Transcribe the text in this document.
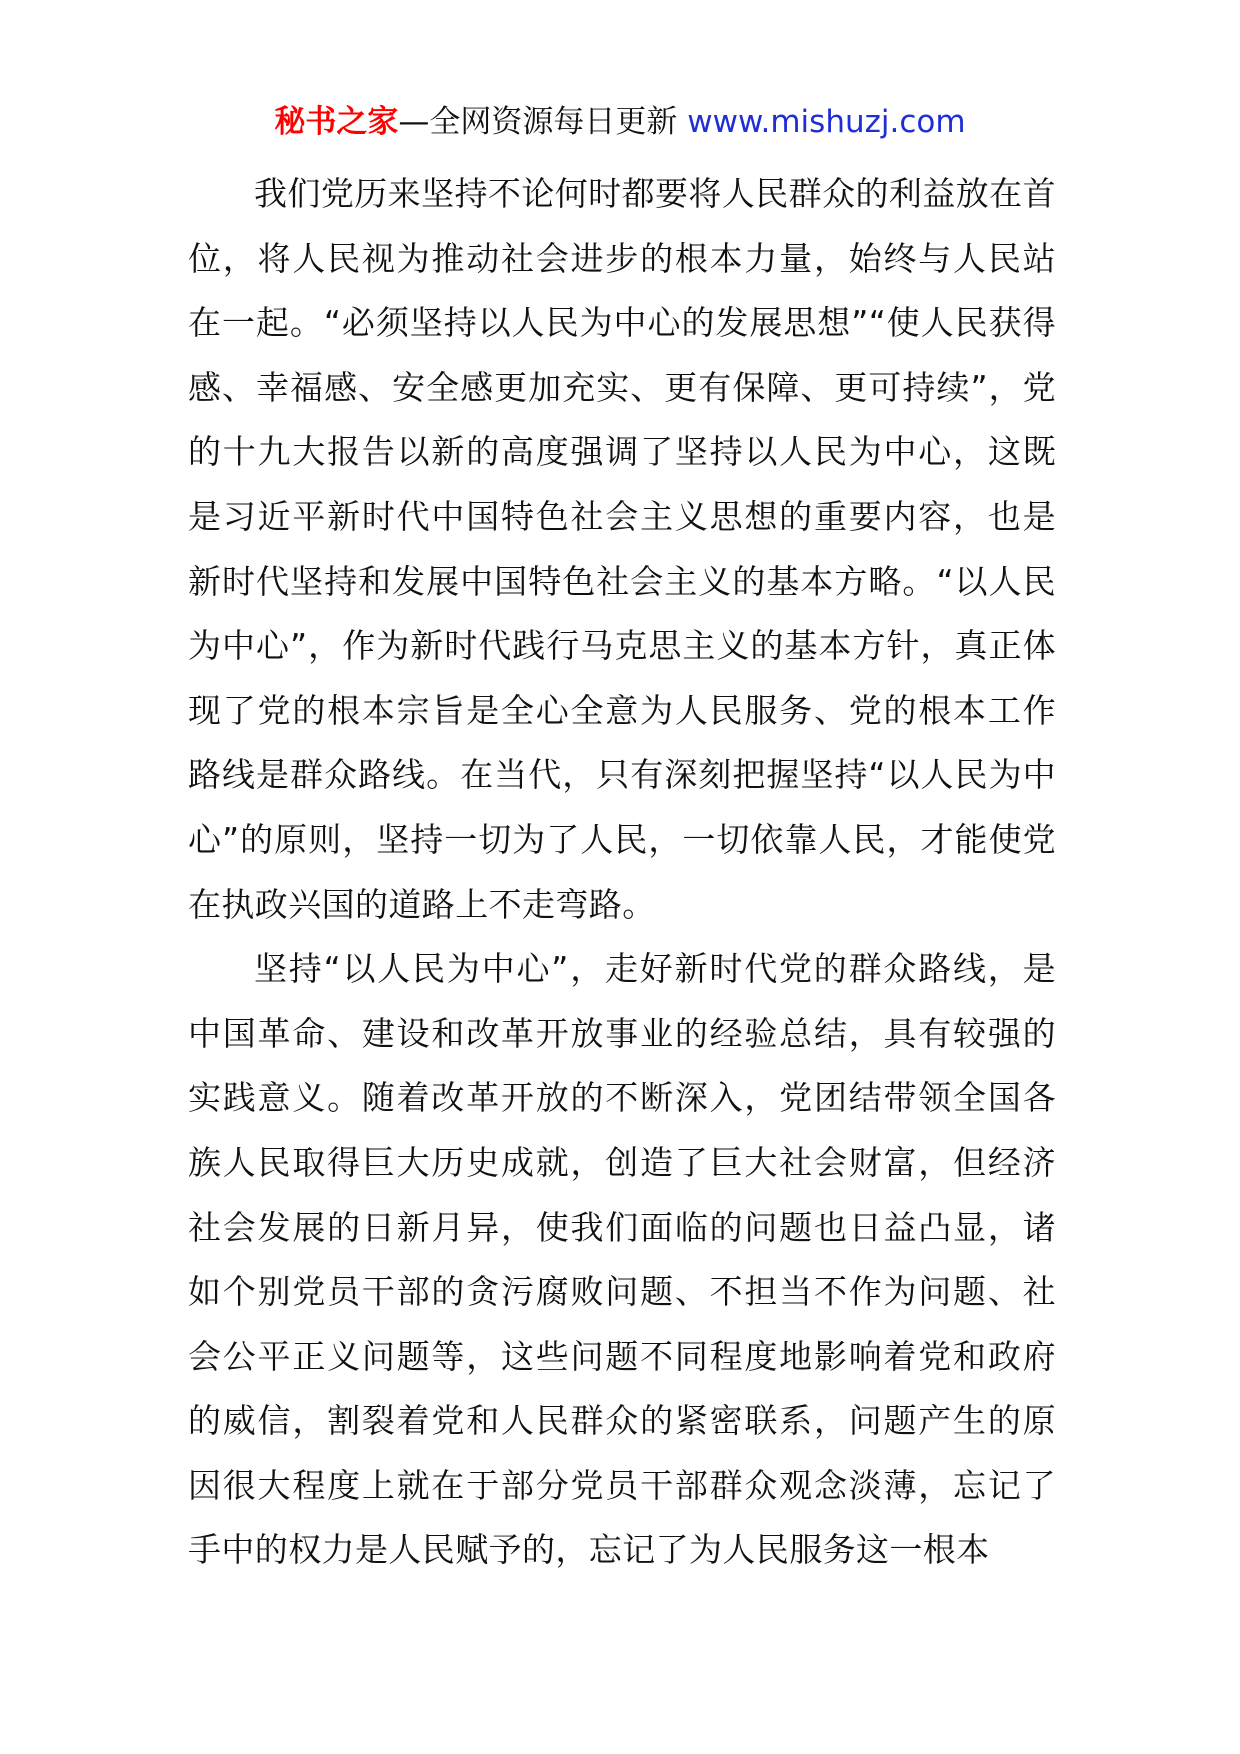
秘书之家—全网资源每日更新 www.mishuzj.com

我们党历来坚持不论何时都要将人民群众的利益放在首位，将人民视为推动社会进步的根本力量，始终与人民站在一起。“必须坚持以人民为中心的发展思想”“使人民获得感、幸福感、安全感更加充实、更有保障、更可持续”，党的十九大报告以新的高度强调了坚持以人民为中心，这既是习近平新时代中国特色社会主义思想的重要内容，也是新时代坚持和发展中国特色社会主义的基本方略。“以人民为中心”，作为新时代践行马克思主义的基本方针，真正体现了党的根本宗旨是全心全意为人民服务、党的根本工作路线是群众路线。在当代，只有深刻把握坚持“以人民为中心”的原则，坚持一切为了人民，一切依靠人民，才能使党在执政兴国的道路上不走弯路。

坚持“以人民为中心”，走好新时代党的群众路线，是中国革命、建设和改革开放事业的经验总结，具有较强的实践意义。随着改革开放的不断深入，党团结带领全国各族人民取得巨大历史成就，创造了巨大社会财富，但经济社会发展的日新月异，使我们面临的问题也日益凸显，诸如个别党员干部的贪污腐败问题、不担当不作为问题、社会公平正义问题等，这些问题不同程度地影响着党和政府的威信，割裂着党和人民群众的紧密联系，问题产生的原因很大程度上就在于部分党员干部群众观念淡薄，忘记了手中的权力是人民赋予的，忘记了为人民服务这一根本
